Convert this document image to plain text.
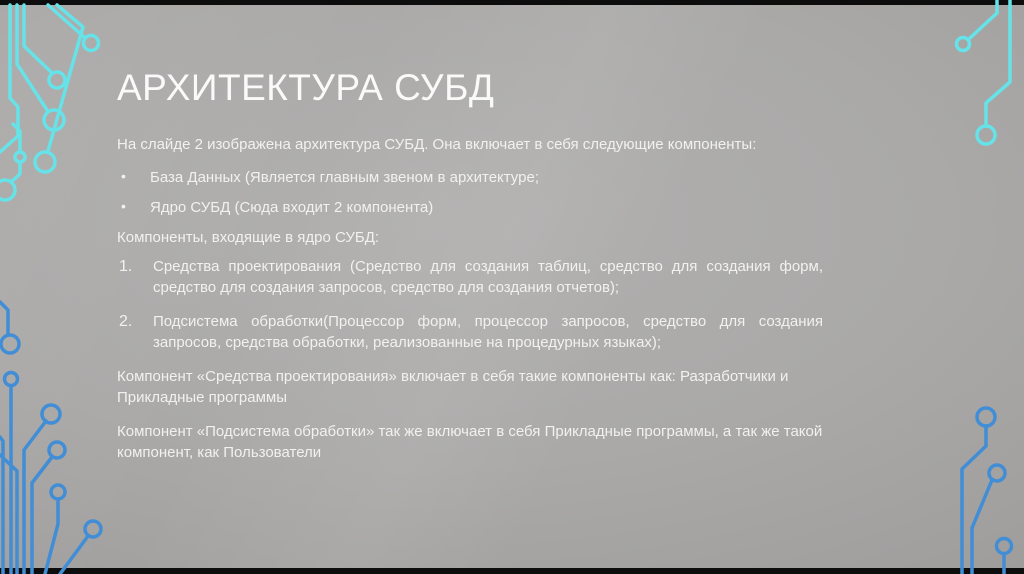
АРХИТЕКТУРА СУБД

На слайде 2 изображена архитектура СУБД. Она включает в себя следующие компоненты:

• База Данных (Является главным звеном в архитектуре;
• Ядро СУБД (Сюда входит 2 компонента)

Компоненты, входящие в ядро СУБД:

1. Средства проектирования (Средство для создания таблиц, средство для создания форм, средство для создания запросов, средство для создания отчетов);
2. Подсистема обработки(Процессор форм, процессор запросов, средство для создания запросов, средства обработки, реализованные на процедурных языках);

Компонент «Средства проектирования» включает в себя такие компоненты как: Разработчики и Прикладные программы

Компонент «Подсистема обработки» так же включает в себя Прикладные программы, а так же такой компонент, как Пользователи
